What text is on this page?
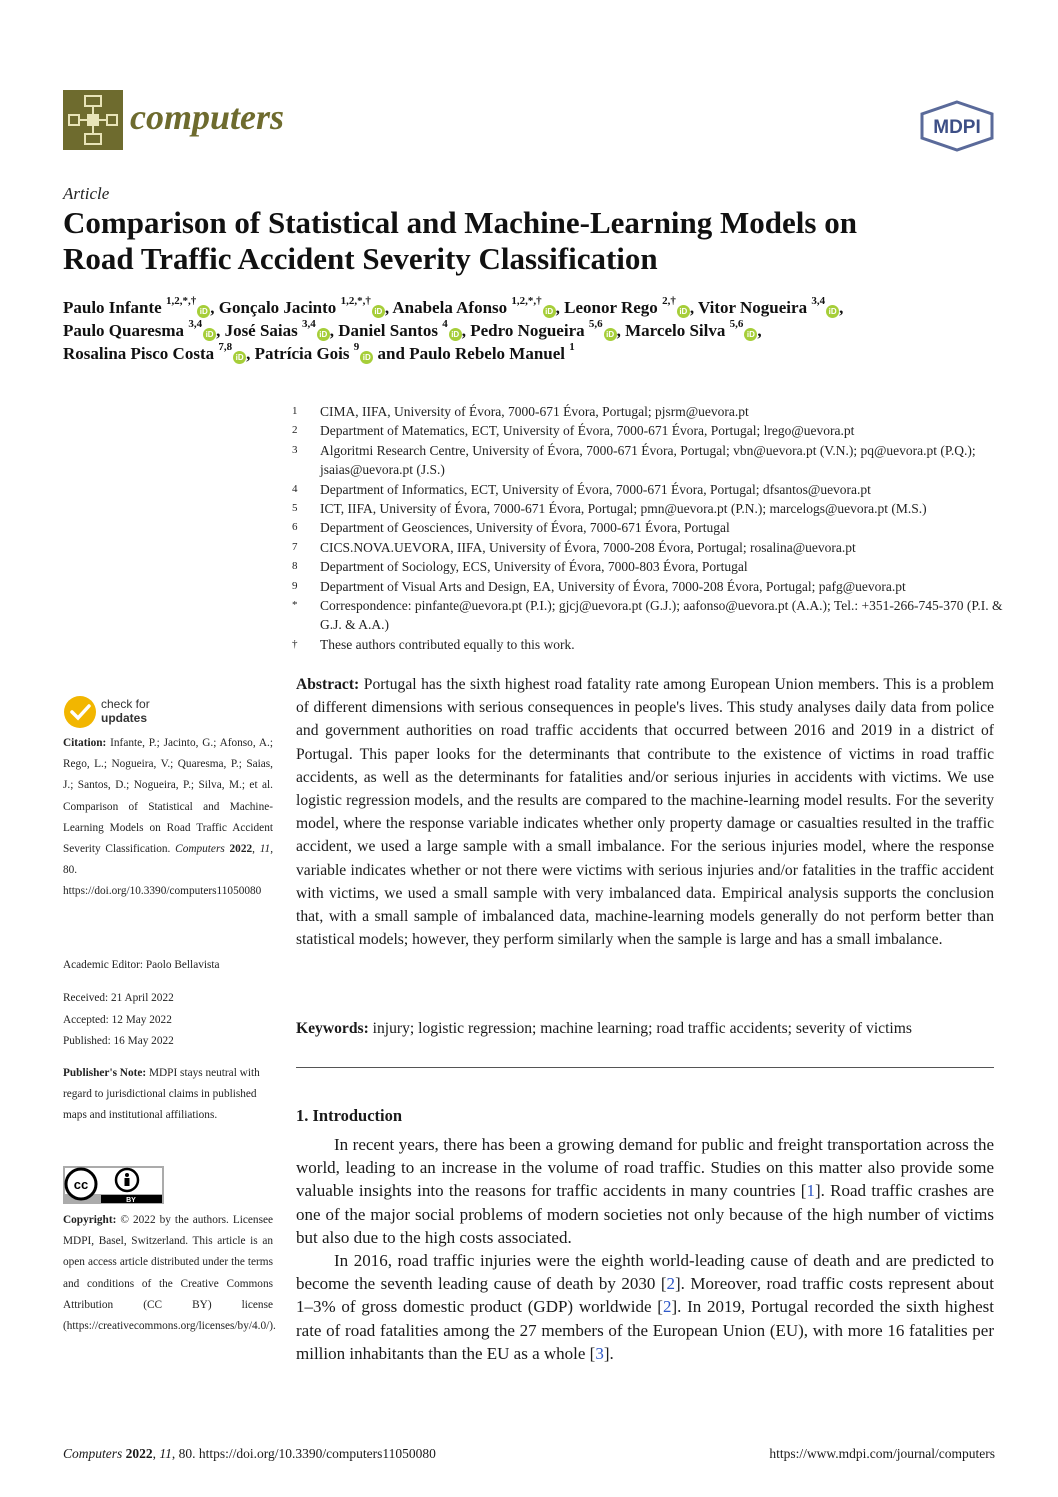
computers	MDPI
Article
Comparison of Statistical and Machine-Learning Models on
Road Traffic Accident Severity Classification
Paulo Infante $^{1,2,*,\dagger}$iD , Gonçalo Jacinto $^{1,2,*,\dagger}$iD , Anabela Afonso $^{1,2,*,\dagger}$iD , Leonor Rego $^{2,\dagger}$iD , Vitor Nogueira $^{3,4}$iD ,
Paulo Quaresma $^{3,4}$iD , José Saias $^{3,4}$iD , Daniel Santos $^4$iD , Pedro Nogueira $^{5,6}$iD , Marcelo Silva $^{5,6}$iD ,
Rosalina Pisco Costa $^{7,8}$iD , Patrícia Gois $^9$iD and Paulo Rebelo Manuel $^1$
1	CIMA, IIFA, University of Évora, 7000-671 Évora, Portugal; pjsrm@uevora.pt
2	Department of Matematics, ECT, University of Évora, 7000-671 Évora, Portugal; lrego@uevora.pt
3	Algoritmi Research Centre, University of Évora, 7000-671 Évora, Portugal; vbn@uevora.pt (V.N.); pq@uevora.pt (P.Q.); jsaias@uevora.pt (J.S.)
4	Department of Informatics, ECT, University of Évora, 7000-671 Évora, Portugal; dfsantos@uevora.pt
5	ICT, IIFA, University of Évora, 7000-671 Évora, Portugal; pmn@uevora.pt (P.N.); marcelogs@uevora.pt (M.S.)
6	Department of Geosciences, University of Évora, 7000-671 Évora, Portugal
7	CICS.NOVA.UEVORA, IIFA, University of Évora, 7000-208 Évora, Portugal; rosalina@uevora.pt
8	Department of Sociology, ECS, University of Évora, 7000-803 Évora, Portugal
9	Department of Visual Arts and Design, EA, University of Évora, 7000-208 Évora, Portugal; pafg@uevora.pt
*	Correspondence: pinfante@uevora.pt (P.I.); gjcj@uevora.pt (G.J.); aafonso@uevora.pt (A.A.); Tel.: +351-266-745-370 (P.I. & G.J. & A.A.)
†	These authors contributed equally to this work.
check for
updates
Citation: Infante, P.; Jacinto, G.; Afonso, A.; Rego, L.; Nogueira, V.; Quaresma, P.; Saias, J.; Santos, D.; Nogueira, P.; Silva, M.; et al. Comparison of Statistical and Machine-Learning Models on Road Traffic Accident Severity Classification. Computers 2022, 11, 80. https://doi.org/10.3390/computers11050080
Academic Editor: Paolo Bellavista
Received: 21 April 2022
Accepted: 12 May 2022
Published: 16 May 2022
Publisher's Note: MDPI stays neutral with regard to jurisdictional claims in published maps and institutional affiliations.
cc
BY
Copyright: © 2022 by the authors. Licensee MDPI, Basel, Switzerland. This article is an open access article distributed under the terms and conditions of the Creative Commons Attribution (CC BY) license (https://creativecommons.org/licenses/by/4.0/).
Abstract: Portugal has the sixth highest road fatality rate among European Union members. This is a problem of different dimensions with serious consequences in people's lives. This study analyses daily data from police and government authorities on road traffic accidents that occurred between 2016 and 2019 in a district of Portugal. This paper looks for the determinants that contribute to the existence of victims in road traffic accidents, as well as the determinants for fatalities and/or serious injuries in accidents with victims. We use logistic regression models, and the results are compared to the machine-learning model results. For the severity model, where the response variable indicates whether only property damage or casualties resulted in the traffic accident, we used a large sample with a small imbalance. For the serious injuries model, where the response variable indicates whether or not there were victims with serious injuries and/or fatalities in the traffic accident with victims, we used a small sample with very imbalanced data. Empirical analysis supports the conclusion that, with a small sample of imbalanced data, machine-learning models generally do not perform better than statistical models; however, they perform similarly when the sample is large and has a small imbalance.
Keywords: injury; logistic regression; machine learning; road traffic accidents; severity of victims
1. Introduction

In recent years, there has been a growing demand for public and freight transportation across the world, leading to an increase in the volume of road traffic. Studies on this matter also provide some valuable insights into the reasons for traffic accidents in many countries [1]. Road traffic crashes are one of the major social problems of modern societies not only because of the high number of victims but also due to the high costs associated.

In 2016, road traffic injuries were the eighth world-leading cause of death and are predicted to become the seventh leading cause of death by 2030 [2]. Moreover, road traffic costs represent about 1–3% of gross domestic product (GDP) worldwide [2]. In 2019, Portugal recorded the sixth highest rate of road fatalities among the 27 members of the European Union (EU), with more 16 fatalities per million inhabitants than the EU as a whole [3].

Computers 2022, 11, 80. https://doi.org/10.3390/computers11050080	https://www.mdpi.com/journal/computers
